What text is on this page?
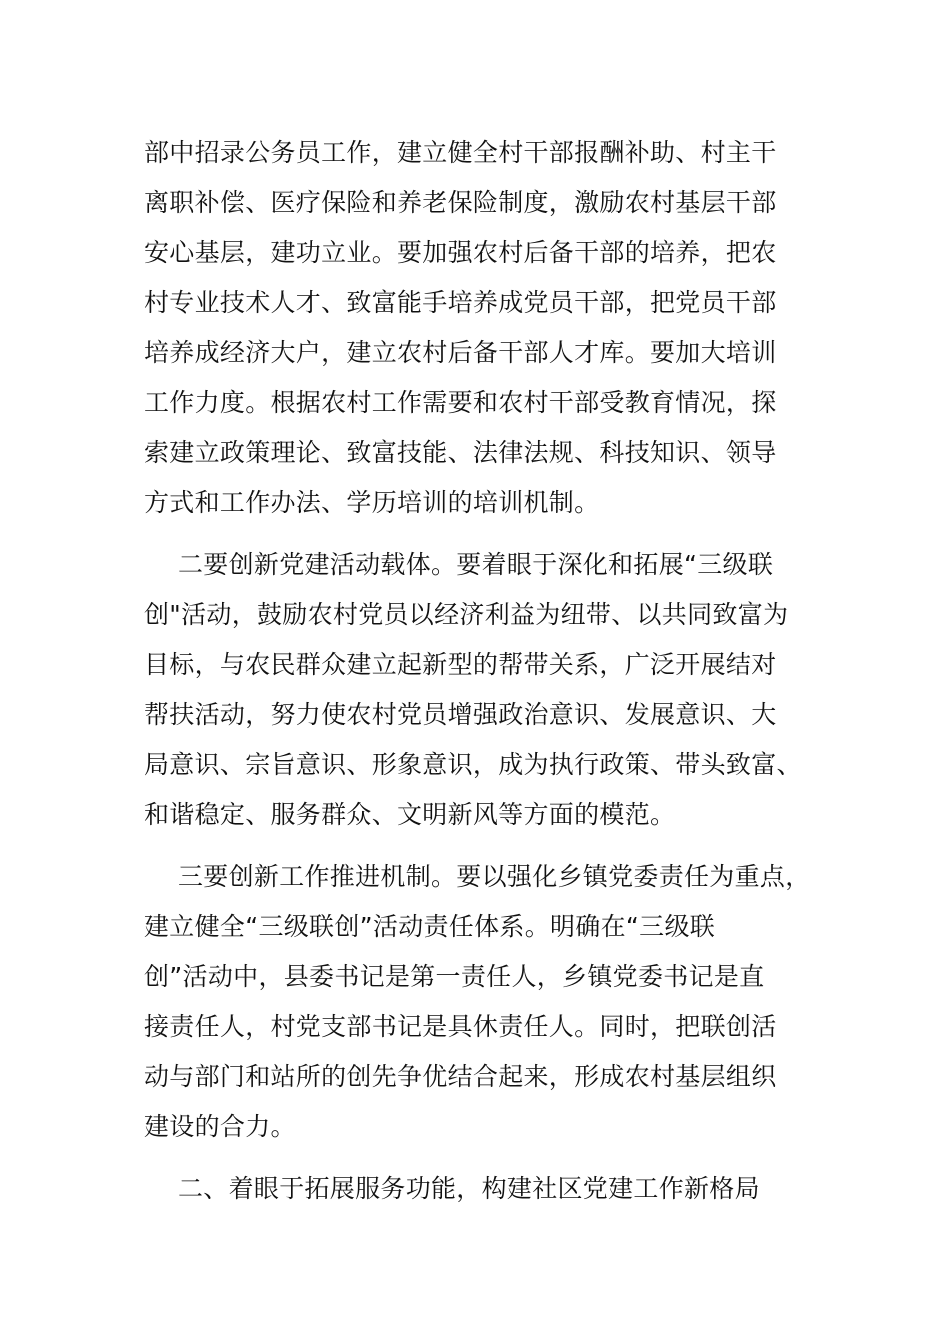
部中招录公务员工作，建立健全村干部报酬补助、村主干
离职补偿、医疗保险和养老保险制度，激励农村基层干部
安心基层，建功立业。要加强农村后备干部的培养，把农
村专业技术人才、致富能手培养成党员干部，把党员干部
培养成经济大户，建立农村后备干部人才库。要加大培训
工作力度。根据农村工作需要和农村干部受教育情况，探
索建立政策理论、致富技能、法律法规、科技知识、领导
方式和工作办法、学历培训的培训机制。
二要创新党建活动载体。要着眼于深化和拓展“三级联
创"活动，鼓励农村党员以经济利益为纽带、以共同致富为
目标，与农民群众建立起新型的帮带关系，广泛开展结对
帮扶活动，努力使农村党员增强政治意识、发展意识、大
局意识、宗旨意识、形象意识，成为执行政策、带头致富、
和谐稳定、服务群众、文明新风等方面的模范。
三要创新工作推进机制。要以强化乡镇党委责任为重点，
建立健全“三级联创”活动责任体系。明确在“三级联
创”活动中，县委书记是第一责任人，乡镇党委书记是直
接责任人，村党支部书记是具休责任人。同时，把联创活
动与部门和站所的创先争优结合起来，形成农村基层组织
建设的合力。
二、着眼于拓展服务功能，构建社区党建工作新格局
